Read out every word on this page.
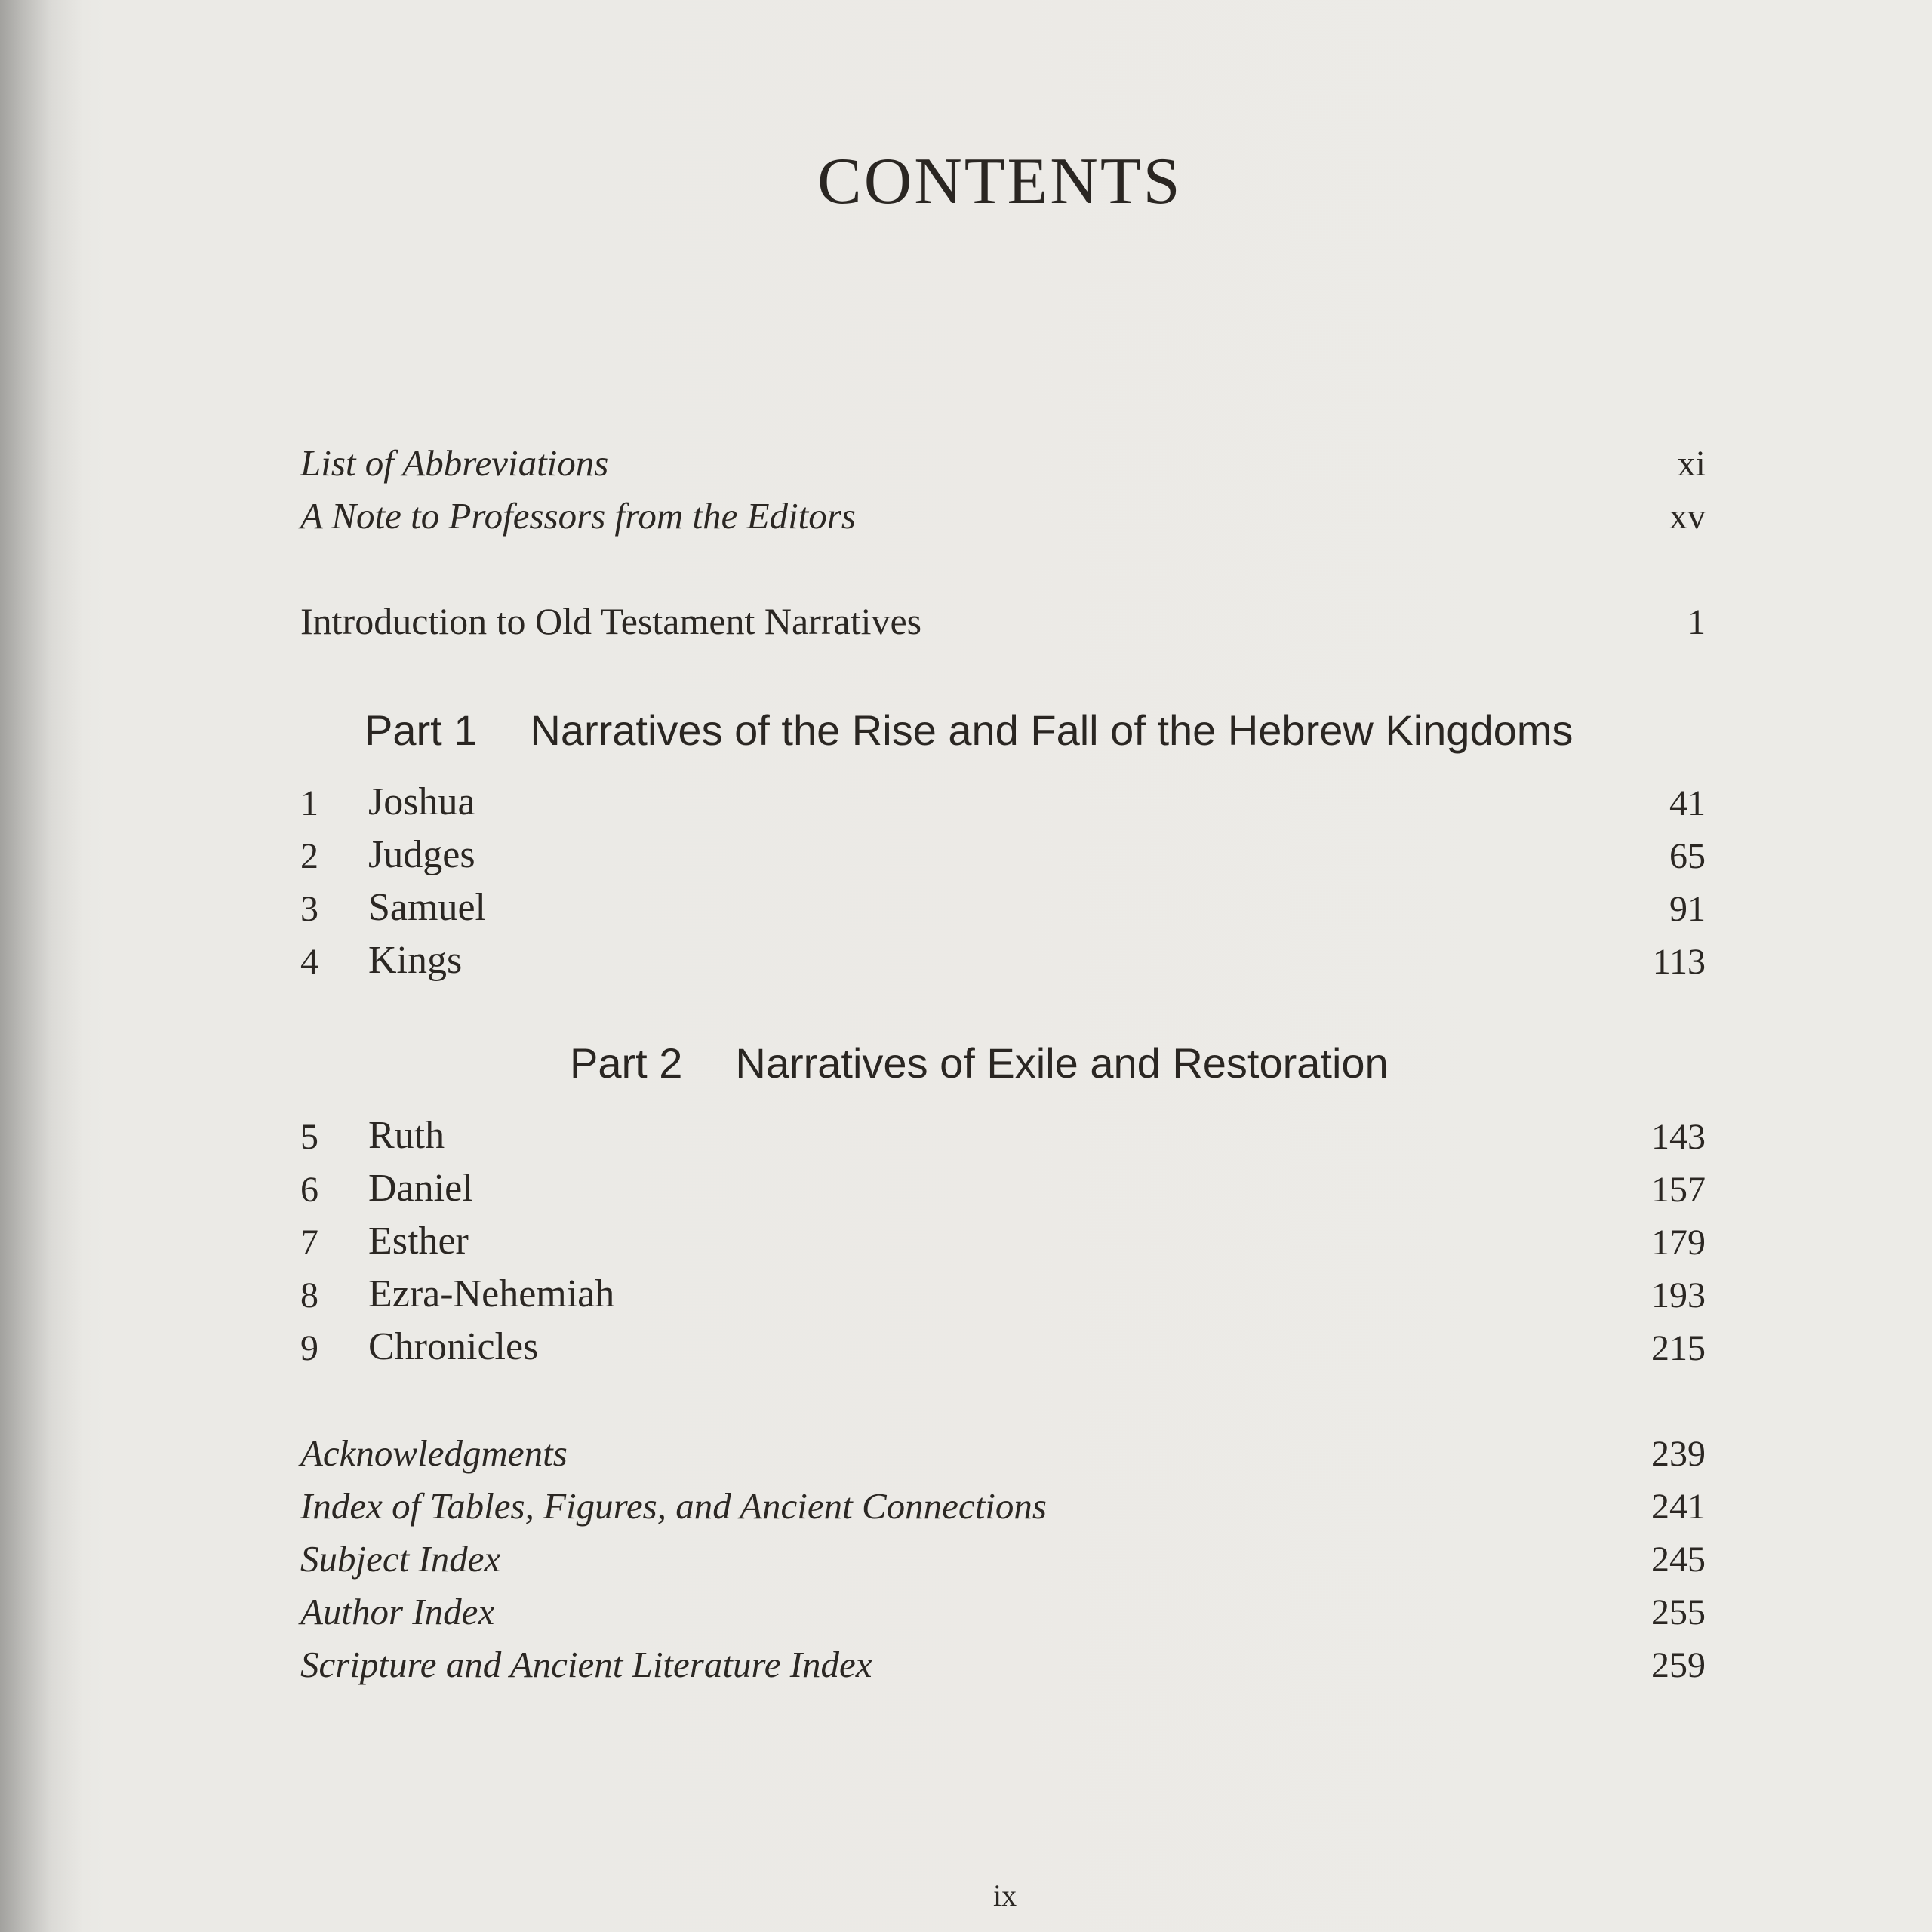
CONTENTS
List of Abbreviations	xi
A Note to Professors from the Editors	xv
Introduction to Old Testament Narratives	1
Part 1 Narratives of the Rise and Fall of the Hebrew Kingdoms
1 Joshua	41
2 Judges	65
3 Samuel	91
4 Kings	113
Part 2 Narratives of Exile and Restoration
5 Ruth	143
6 Daniel	157
7 Esther	179
8 Ezra-Nehemiah	193
9 Chronicles	215
Acknowledgments	239
Index of Tables, Figures, and Ancient Connections	241
Subject Index	245
Author Index	255
Scripture and Ancient Literature Index	259
ix
